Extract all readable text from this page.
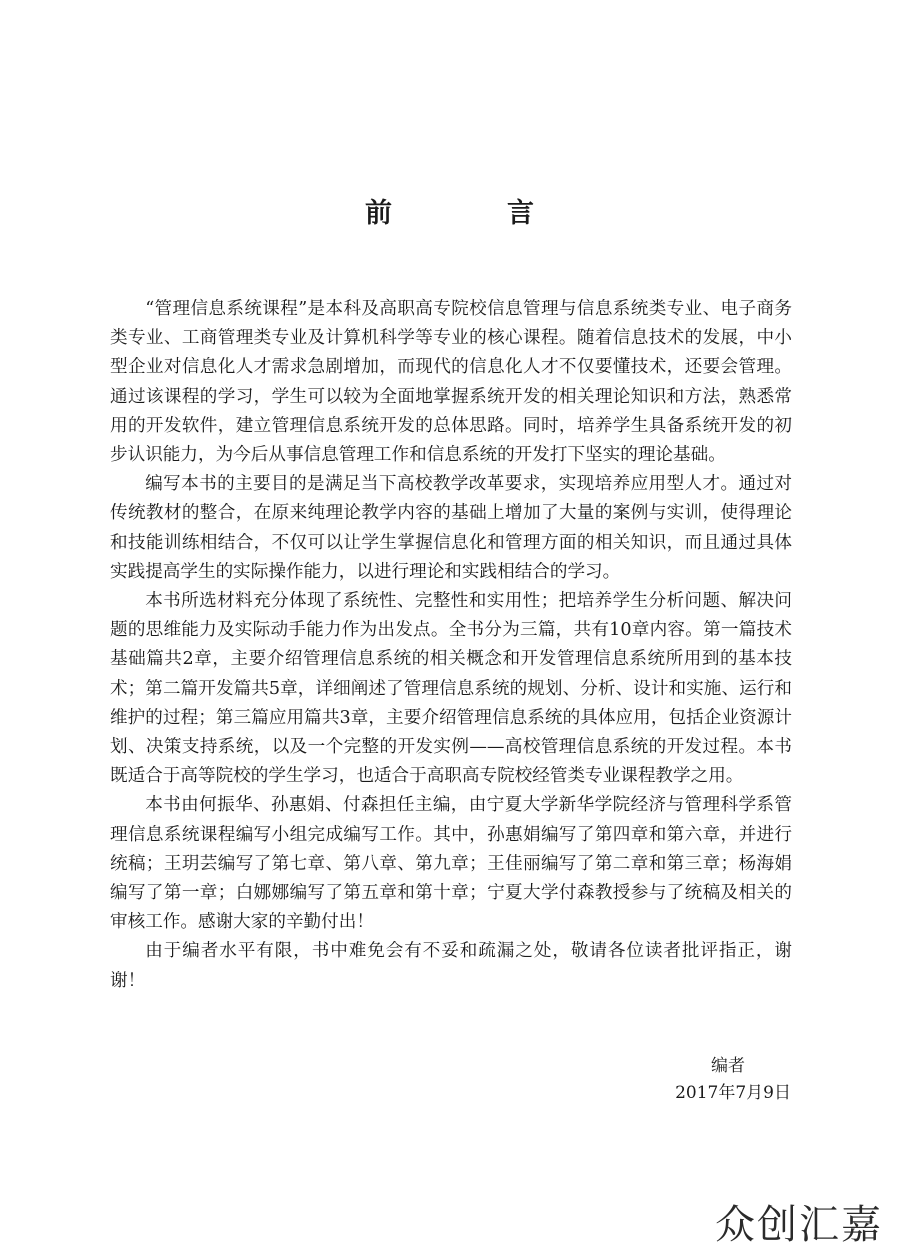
前　言

“管理信息系统课程”是本科及高职高专院校信息管理与信息系统类专业、电子商务类专业、工商管理类专业及计算机科学等专业的核心课程。随着信息技术的发展，中小型企业对信息化人才需求急剧增加，而现代的信息化人才不仅要懂技术，还要会管理。通过该课程的学习，学生可以较为全面地掌握系统开发的相关理论知识和方法，熟悉常用的开发软件，建立管理信息系统开发的总体思路。同时，培养学生具备系统开发的初步认识能力，为今后从事信息管理工作和信息系统的开发打下坚实的理论基础。

编写本书的主要目的是满足当下高校教学改革要求，实现培养应用型人才。通过对传统教材的整合，在原来纯理论教学内容的基础上增加了大量的案例与实训，使得理论和技能训练相结合，不仅可以让学生掌握信息化和管理方面的相关知识，而且通过具体实践提高学生的实际操作能力，以进行理论和实践相结合的学习。

本书所选材料充分体现了系统性、完整性和实用性；把培养学生分析问题、解决问题的思维能力及实际动手能力作为出发点。全书分为三篇，共有10章内容。第一篇技术基础篇共2章，主要介绍管理信息系统的相关概念和开发管理信息系统所用到的基本技术；第二篇开发篇共5章，详细阐述了管理信息系统的规划、分析、设计和实施、运行和维护的过程；第三篇应用篇共3章，主要介绍管理信息系统的具体应用，包括企业资源计划、决策支持系统，以及一个完整的开发实例——高校管理信息系统的开发过程。本书既适合于高等院校的学生学习，也适合于高职高专院校经管类专业课程教学之用。

本书由何振华、孙惠娟、付森担任主编，由宁夏大学新华学院经济与管理科学系管理信息系统课程编写小组完成编写工作。其中，孙惠娟编写了第四章和第六章，并进行统稿；王玥芸编写了第七章、第八章、第九章；王佳丽编写了第二章和第三章；杨海娟编写了第一章；白娜娜编写了第五章和第十章；宁夏大学付森教授参与了统稿及相关的审核工作。感谢大家的辛勤付出！

由于编者水平有限，书中难免会有不妥和疏漏之处，敬请各位读者批评指正，谢谢！

编者
2017年7月9日
众创汇嘉
